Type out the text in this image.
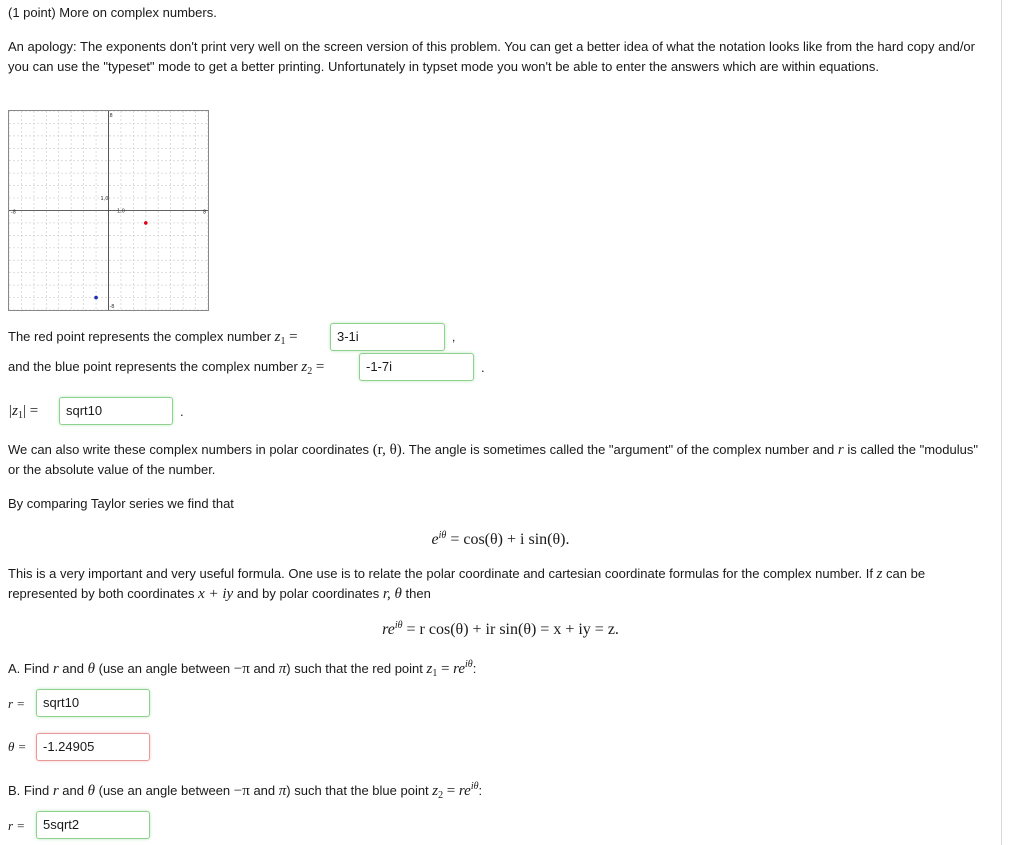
(1 point) More on complex numbers.
An apology: The exponents don't print very well on the screen version of this problem. You can get a better idea of what the notation looks like from the hard copy and/or you can use the "typeset" mode to get a better printing. Unfortunately in typset mode you won't be able to enter the answers which are within equations.
-8	8
8
-8
1,0
1,0
The red point represents the complex number $z_1$ =	3-1i	,
and the blue point represents the complex number $z_2$ =	-1-7i	.
$|z_1|$ =	sqrt10	.
We can also write these complex numbers in polar coordinates (r, θ). The angle is sometimes called the "argument" of the complex number and r is called the "modulus" or the absolute value of the number.
By comparing Taylor series we find that
$e^{i\theta} = \cos(\theta) + i$ sin(θ).
This is a very important and very useful formula. One use is to relate the polar coordinate and cartesian coordinate formulas for the complex number. If z can be represented by both coordinates x + iy and by polar coordinates r, θ then
$re^{i\theta} = r$ cos(θ) + ir sin(θ) = x + iy = z.
A. Find r and θ (use an angle between −π and π) such that the red point $z_1 = re^{i\theta}$:
r =	sqrt10
θ =	-1.24905
B. Find r and θ (use an angle between −π and π) such that the blue point $z_2 = re^{i\theta}$:
r =	5sqrt2
